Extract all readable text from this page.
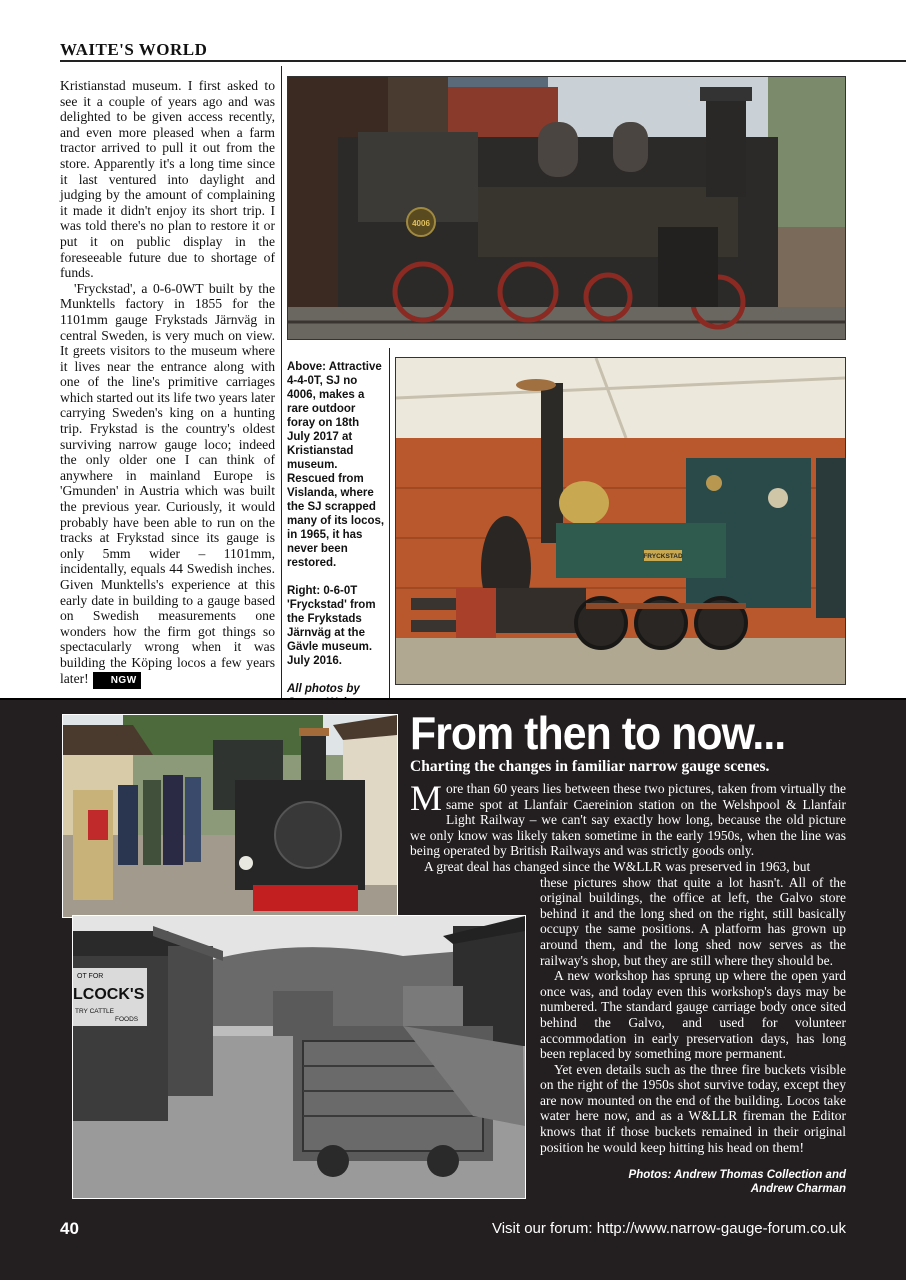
WAITE'S WORLD

Kristianstad museum. I first asked to see it a couple of years ago and was delighted to be given access recently, and even more pleased when a farm tractor arrived to pull it out from the store. Apparently it's a long time since it last ventured into daylight and judging by the amount of complaining it made it didn't enjoy its short trip. I was told there's no plan to restore it or put it on public display in the foreseeable future due to shortage of funds.

'Fryckstad', a 0-6-0WT built by the Munktells factory in 1855 for the 1101mm gauge Frykstads Järnväg in central Sweden, is very much on view. It greets visitors to the museum where it lives near the entrance along with one of the line's primitive carriages which started out its life two years later carrying Sweden's king on a hunting trip. Frykstad is the country's oldest surviving narrow gauge loco; indeed the only older one I can think of anywhere in mainland Europe is 'Gmunden' in Austria which was built the previous year. Curiously, it would probably have been able to run on the tracks at Frykstad since its gauge is only 5mm wider – 1101mm, incidentally, equals 44 Swedish inches. Given Munktells's experience at this early date in building to a gauge based on Swedish measurements one wonders how the firm got things so spectacularly wrong when it was building the Köping locos a few years later! NGW

4006

Above: Attractive 4-4-0T, SJ no 4006, makes a rare outdoor foray on 18th July 2017 at Kristianstad museum. Rescued from Vislanda, where the SJ scrapped many of its locos, in 1965, it has never been restored.

Right: 0-6-0T 'Fryckstad' from the Frykstads Järnväg at the Gävle museum. July 2016.

All photos by

FRYCKSTAD
OT FOR
LCOCK'S
TRY CATTLE
FOODS
From then to now...
Charting the changes in familiar narrow gauge scenes.

More than 60 years lies between these two pictures, taken from virtually the same spot at Llanfair Caereinion station on the Welshpool & Llanfair Light Railway – we can't say exactly how long, because the old picture we only know was likely taken sometime in the early 1950s, when the line was being operated by British Railways and was strictly goods only.

A great deal has changed since the W&LLR was preserved in 1963, but

these pictures show that quite a lot hasn't. All of the original buildings, the office at left, the Galvo store behind it and the long shed on the right, still basically occupy the same positions. A platform has grown up around them, and the long shed now serves as the railway's shop, but they are still where they should be.

A new workshop has sprung up where the open yard once was, and today even this workshop's days may be numbered. The standard gauge carriage body once sited behind the Galvo, and used for volunteer accommodation in early preservation days, has long been replaced by something more permanent.

Yet even details such as the three fire buckets visible on the right of the 1950s shot survive today, except they are now mounted on the end of the building. Locos take water here now, and as a W&LLR fireman the Editor knows that if those buckets remained in their original position he would keep hitting his head on them!

Photos: Andrew Thomas Collection and Andrew Charman
40	Visit our forum: http://www.narrow-gauge-forum.co.uk
